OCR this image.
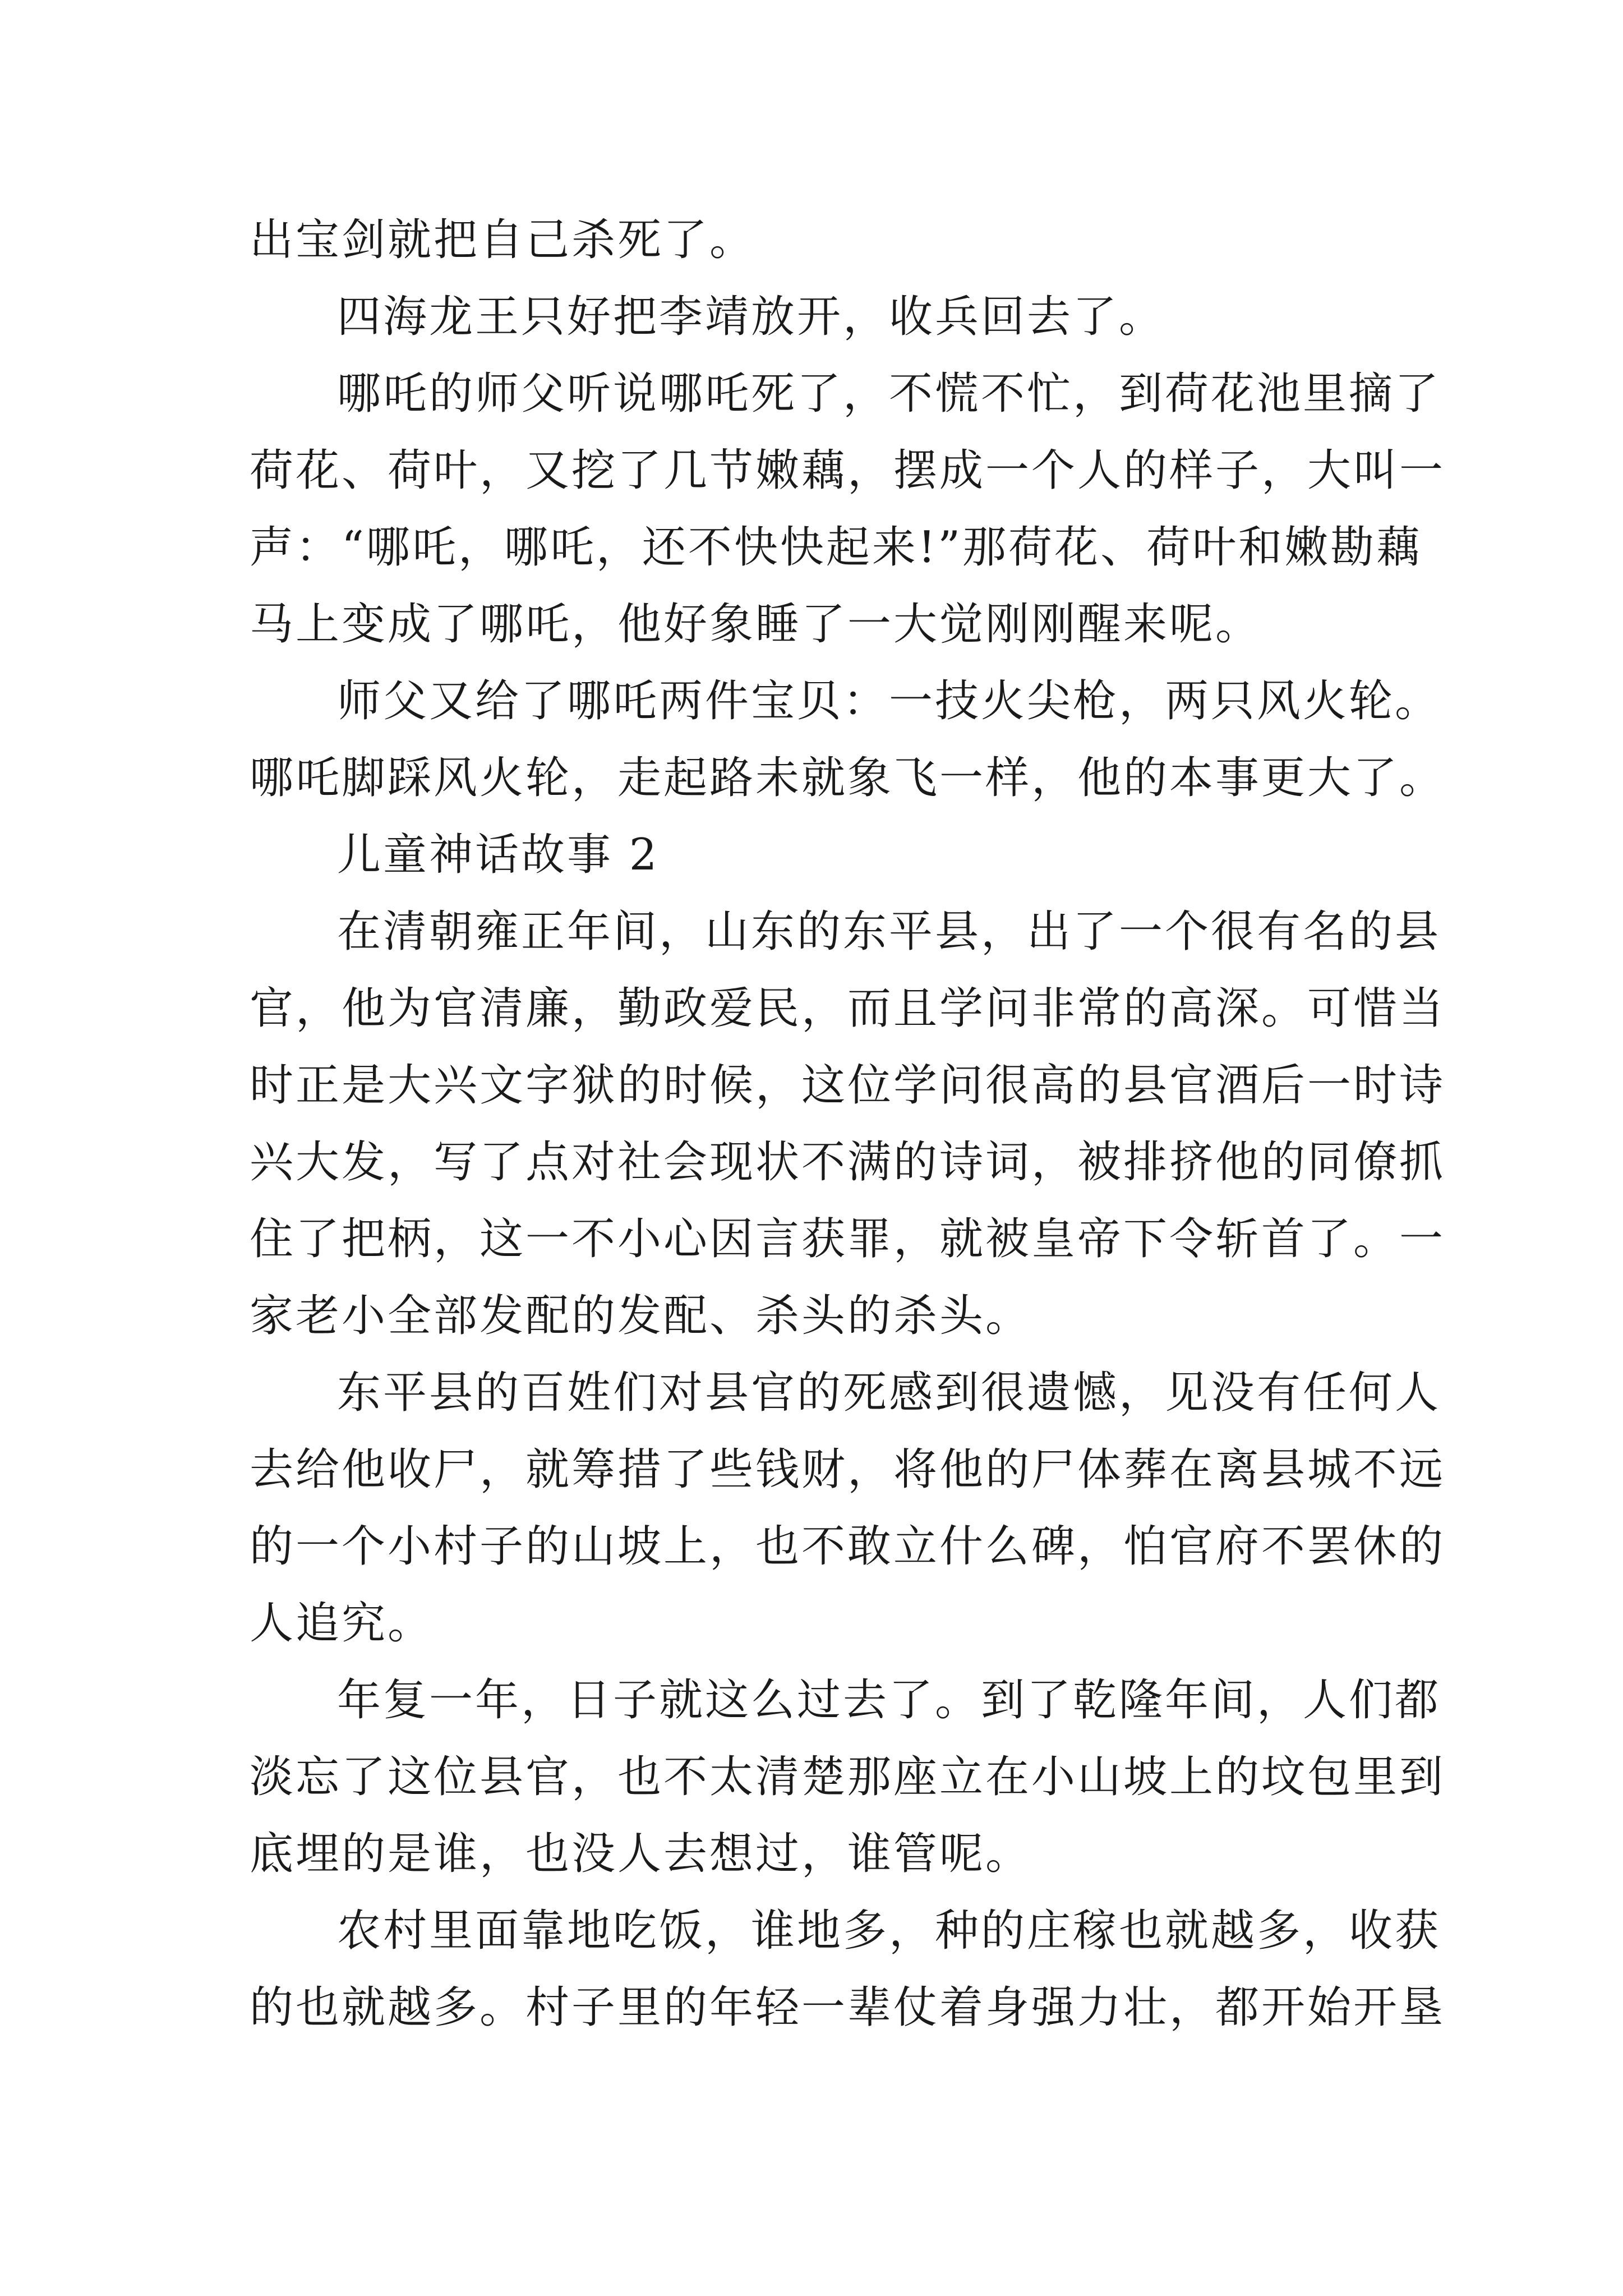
出宝剑就把自己杀死了。
四海龙王只好把李靖放开，收兵回去了。
哪吒的师父听说哪吒死了，不慌不忙，到荷花池里摘了
荷花、荷叶，又挖了几节嫩藕，摆成一个人的样子，大叫一
声：“哪吒，哪吒，还不快快起来!”那荷花、荷叶和嫩勘藕
马上变成了哪吒，他好象睡了一大觉刚刚醒来呢。
师父又给了哪吒两件宝贝：一技火尖枪，两只风火轮。
哪吒脚踩风火轮，走起路未就象飞一样，他的本事更大了。
儿童神话故事 2
在清朝雍正年间，山东的东平县，出了一个很有名的县
官，他为官清廉，勤政爱民，而且学问非常的高深。可惜当
时正是大兴文字狱的时候，这位学问很高的县官酒后一时诗
兴大发，写了点对社会现状不满的诗词，被排挤他的同僚抓
住了把柄，这一不小心因言获罪，就被皇帝下令斩首了。一
家老小全部发配的发配、杀头的杀头。
东平县的百姓们对县官的死感到很遗憾，见没有任何人
去给他收尸，就筹措了些钱财，将他的尸体葬在离县城不远
的一个小村子的山坡上，也不敢立什么碑，怕官府不罢休的
人追究。
年复一年，日子就这么过去了。到了乾隆年间，人们都
淡忘了这位县官，也不太清楚那座立在小山坡上的坟包里到
底埋的是谁，也没人去想过，谁管呢。
农村里面靠地吃饭，谁地多，种的庄稼也就越多，收获
的也就越多。村子里的年轻一辈仗着身强力壮，都开始开垦
